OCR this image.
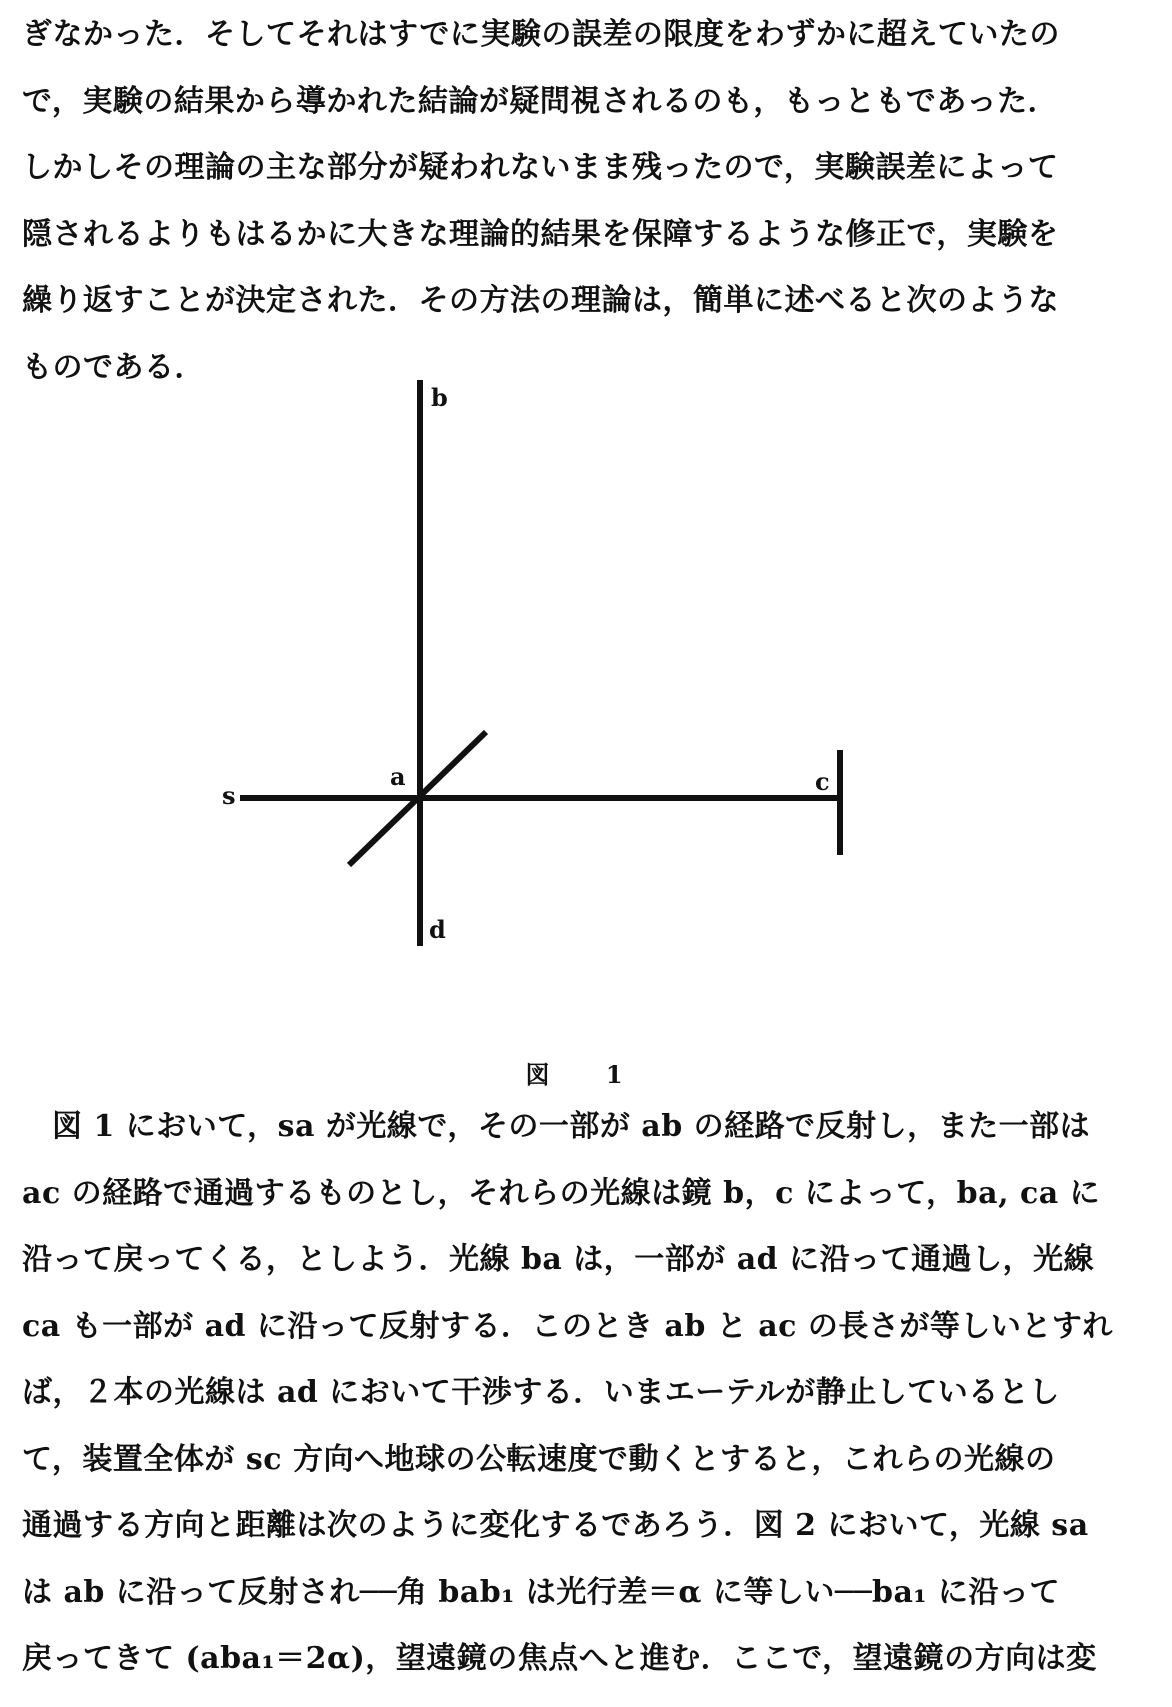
ぎなかった．そしてそれはすでに実験の誤差の限度をわずかに超えていたの
で，実験の結果から導かれた結論が疑問視されるのも，もっともであった．
しかしその理論の主な部分が疑われないまま残ったので，実験誤差によって
隠されるよりもはるかに大きな理論的結果を保障するような修正で，実験を
繰り返すことが決定された．その方法の理論は，簡単に述べると次のような
ものである．
s
a
b
c
d
図 1
図 1 において，sa が光線で，その一部が ab の経路で反射し，また一部は
ac の経路で通過するものとし，それらの光線は鏡 b，c によって，ba, ca に
沿って戻ってくる，としよう．光線 ba は，一部が ad に沿って通過し，光線
ca も一部が ad に沿って反射する．このとき ab と ac の長さが等しいとすれ
ば，２本の光線は ad において干渉する．いまエーテルが静止しているとし
て，装置全体が sc 方向へ地球の公転速度で動くとすると，これらの光線の
通過する方向と距離は次のように変化するであろう．図 2 において，光線 sa
は ab に沿って反射され──角 bab₁ は光行差＝α に等しい──ba₁ に沿って
戻ってきて (aba₁＝2α)，望遠鏡の焦点へと進む．ここで，望遠鏡の方向は変
